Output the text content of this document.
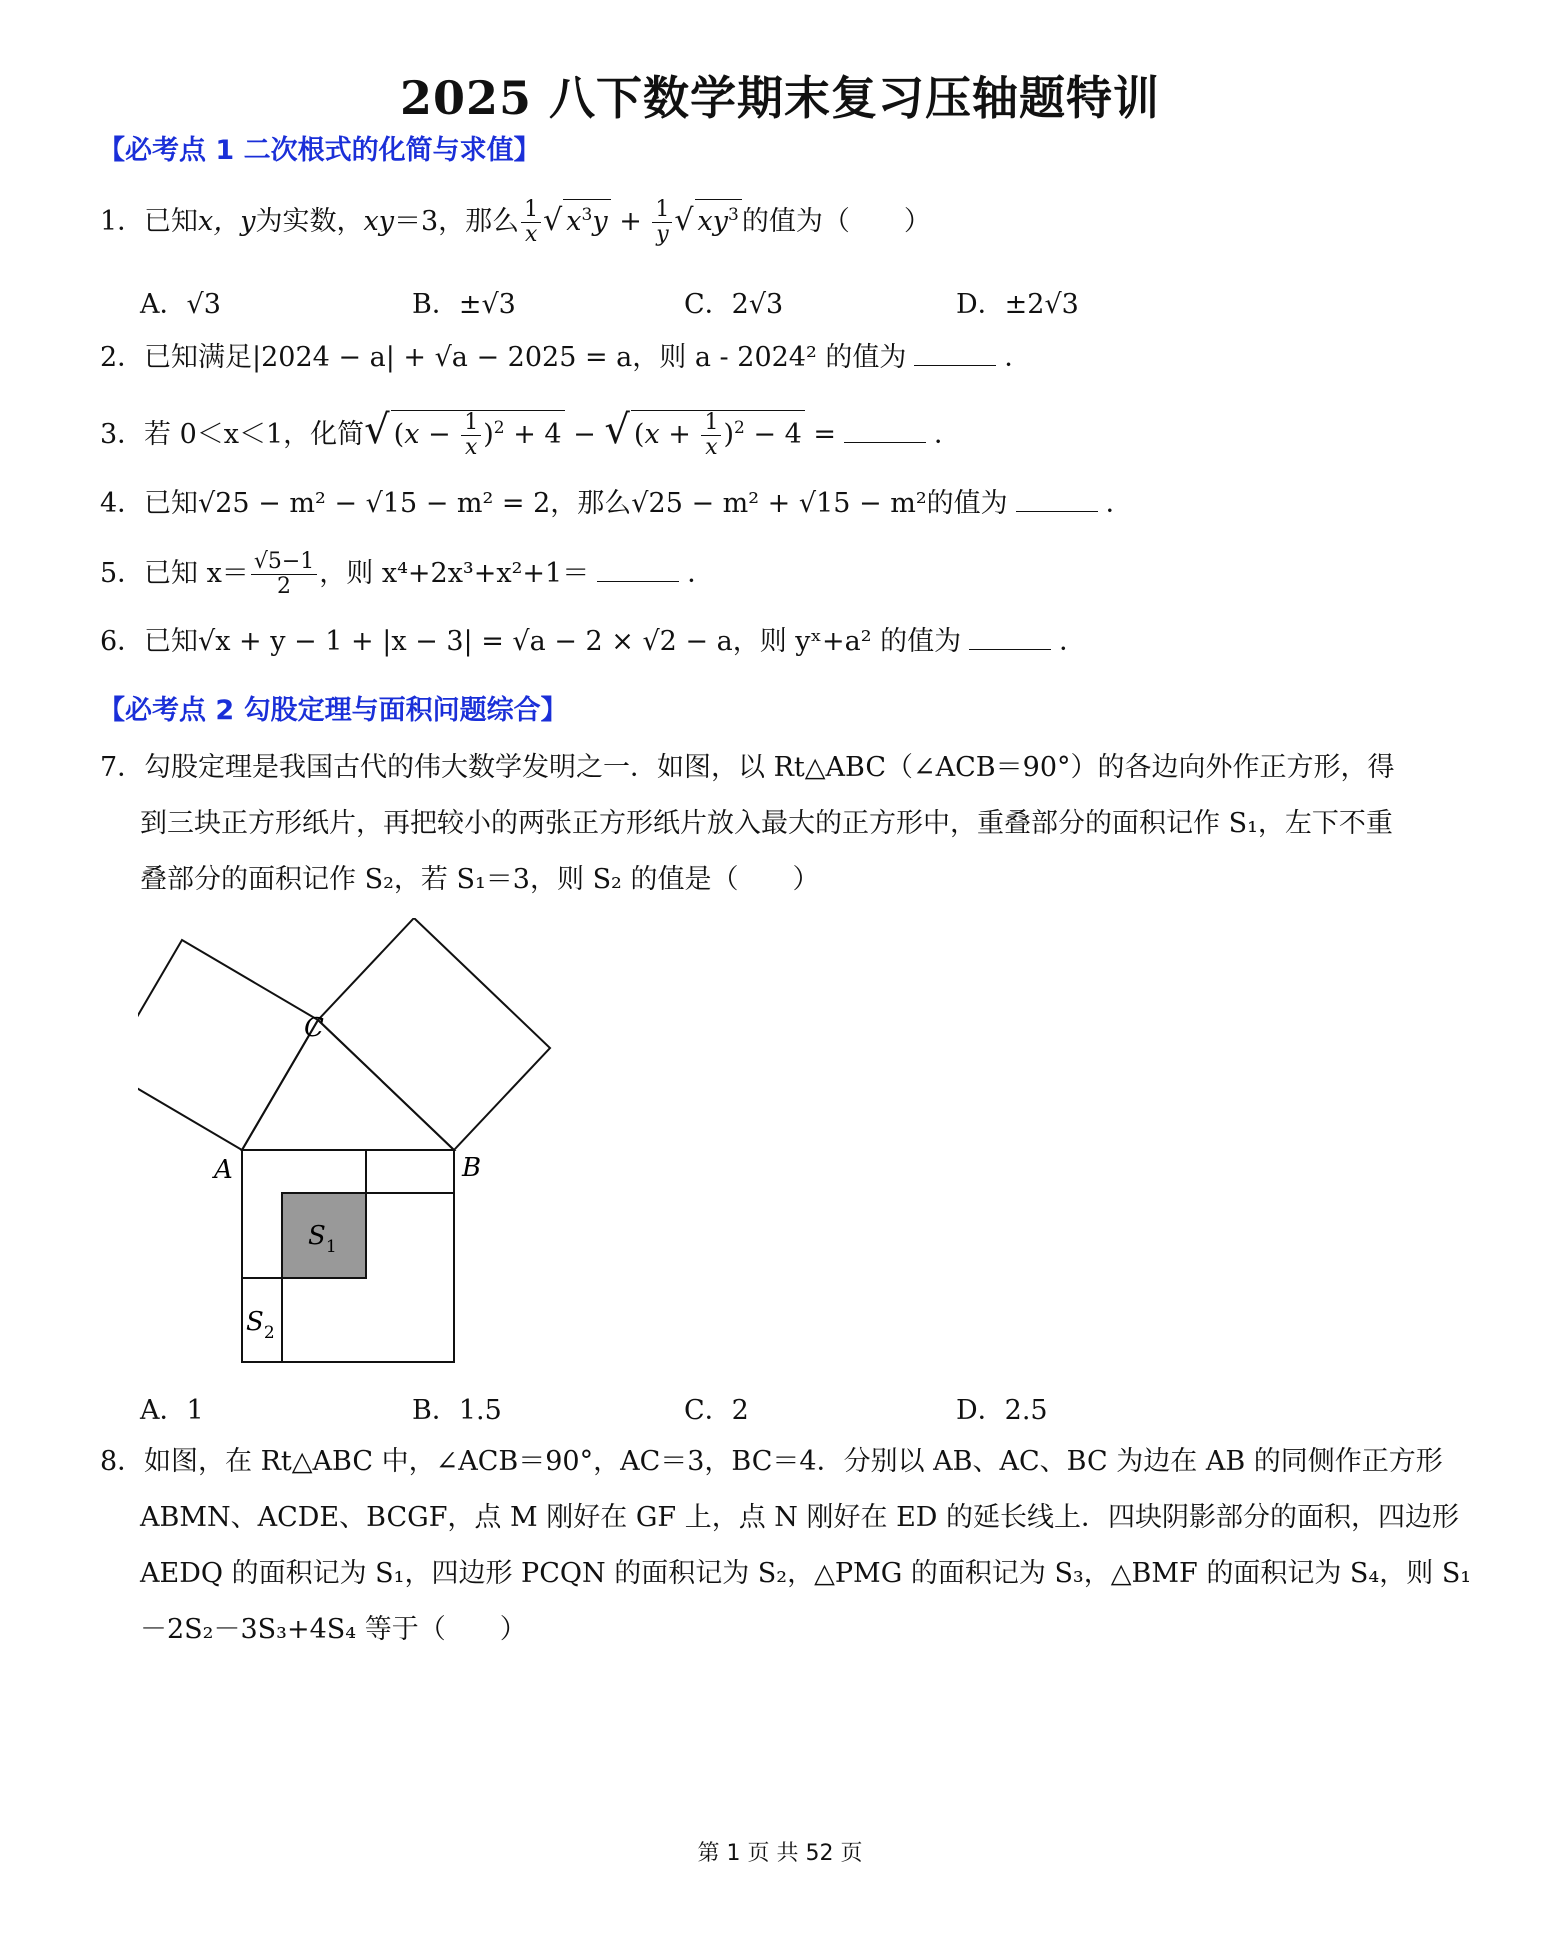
2025 八下数学期末复习压轴题特训
【必考点 1 二次根式的化简与求值】
1．已知x，y为实数，xy＝3，那么 $\frac{1}{x}$ √ $x^3y + \frac{1}{y}$ √ $xy^3$ 的值为（　　）
A．√3	B．±√3	C．2√3	D．±2√3
2．已知满足|2024 − a| + √a − 2025 = a，则 a - 2024² 的值为	．
3．若 0＜x＜1，化简√ $(x - \frac{1}{x} )^2 + 4$ − √ $(x + \frac{1}{x} )^2 - 4$ =	．
4．已知√25 − m² − √15 − m² = 2，那么√25 − m² + √15 − m²的值为	．
5．已知 $x= \frac{√5-1}{2}$ ，则 x⁴+2x³+x²+1＝	．
6．已知√x + y − 1 + |x − 3| = √a − 2 × √2 − a，则 yˣ+a² 的值为	．
【必考点 2 勾股定理与面积问题综合】
7．勾股定理是我国古代的伟大数学发明之一．如图，以 Rt△ABC（∠ACB＝90°）的各边向外作正方形，得
到三块正方形纸片，再把较小的两张正方形纸片放入最大的正方形中，重叠部分的面积记作 S₁，左下不重
叠部分的面积记作 S₂，若 S₁＝3，则 S₂ 的值是（　　）
A	B
C
$S_1$
$S_2$
A．1	B．1.5	C．2	D．2.5
8．如图，在 Rt△ABC 中，∠ACB＝90°，AC＝3，BC＝4．分别以 AB、AC、BC 为边在 AB 的同侧作正方形
ABMN、ACDE、BCGF，点 M 刚好在 GF 上，点 N 刚好在 ED 的延长线上．四块阴影部分的面积，四边形
AEDQ 的面积记为 S₁，四边形 PCQN 的面积记为 S₂，△PMG 的面积记为 S₃，△BMF 的面积记为 S₄，则 S₁
－2S₂－3S₃+4S₄ 等于（　　）
第 1 页 共 52 页
